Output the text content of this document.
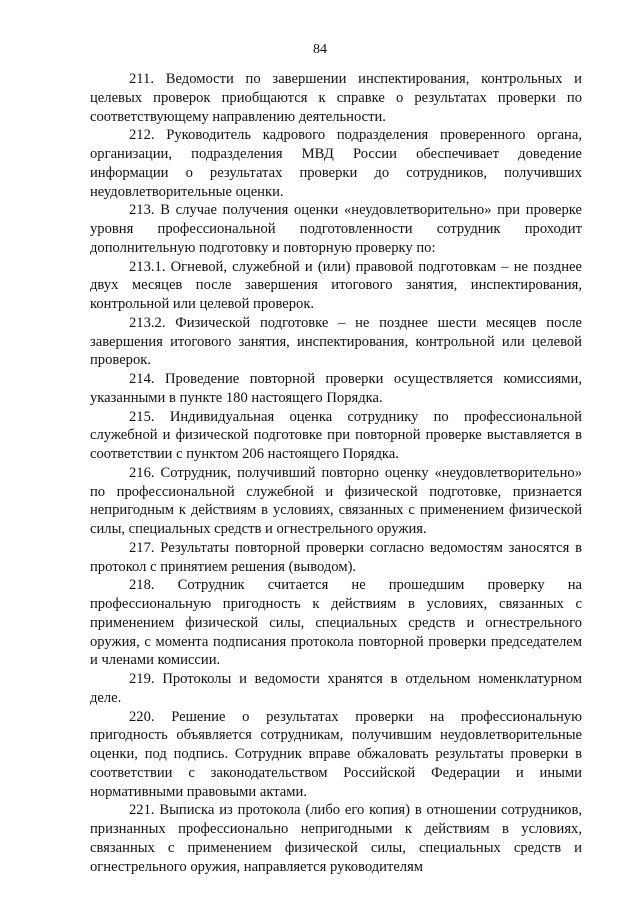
84

211. Ведомости по завершении инспектирования, контрольных и целевых проверок приобщаются к справке о результатах проверки по соответствующему направлению деятельности.

212. Руководитель кадрового подразделения проверенного органа, организации, подразделения МВД России обеспечивает доведение информации о результатах проверки до сотрудников, получивших неудовлетворительные оценки.

213. В случае получения оценки «неудовлетворительно» при проверке уровня профессиональной подготовленности сотрудник проходит дополнительную подготовку и повторную проверку по:

213.1. Огневой, служебной и (или) правовой подготовкам – не позднее двух месяцев после завершения итогового занятия, инспектирования, контрольной или целевой проверок.

213.2. Физической подготовке – не позднее шести месяцев после завершения итогового занятия, инспектирования, контрольной или целевой проверок.

214. Проведение повторной проверки осуществляется комиссиями, указанными в пункте 180 настоящего Порядка.

215. Индивидуальная оценка сотруднику по профессиональной служебной и физической подготовке при повторной проверке выставляется в соответствии с пунктом 206 настоящего Порядка.

216. Сотрудник, получивший повторно оценку «неудовлетворительно» по профессиональной служебной и физической подготовке, признается непригодным к действиям в условиях, связанных с применением физической силы, специальных средств и огнестрельного оружия.

217. Результаты повторной проверки согласно ведомостям заносятся в протокол с принятием решения (выводом).

218. Сотрудник считается не прошедшим проверку на профессиональную пригодность к действиям в условиях, связанных с применением физической силы, специальных средств и огнестрельного оружия, с момента подписания протокола повторной проверки председателем и членами комиссии.

219. Протоколы и ведомости хранятся в отдельном номенклатурном деле.

220. Решение о результатах проверки на профессиональную пригодность объявляется сотрудникам, получившим неудовлетворительные оценки, под подпись. Сотрудник вправе обжаловать результаты проверки в соответствии с законодательством Российской Федерации и иными нормативными правовыми актами.

221. Выписка из протокола (либо его копия) в отношении сотрудников, признанных профессионально непригодными к действиям в условиях, связанных с применением физической силы, специальных средств и огнестрельного оружия, направляется руководителям
